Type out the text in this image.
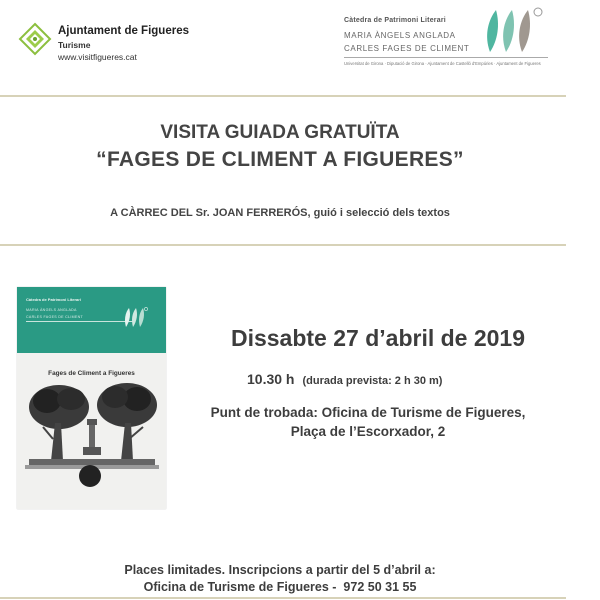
Ajuntament de Figueres
Turisme
www.visitfigueres.cat
Càtedra de Patrimoni Literari
MARIA ÀNGELS ANGLADA
CARLES FAGES DE CLIMENT
Universitat de Girona · Diputació de Girona · Ajuntament de Castelló d'Empúries · Ajuntament de Figueres
VISITA GUIADA GRATUÏTA
“FAGES DE CLIMENT A FIGUERES”
A CÀRREC DEL Sr. JOAN FERRERÓS, guió i selecció dels textos
Càtedra de Patrimoni Literari
MARIA ÀNGELS ANGLADA
CARLES FAGES DE CLIMENT
Fages de Climent a Figueres
Dissabte 27 d’abril de 2019
10.30 h (durada prevista: 2 h 30 m)
Punt de trobada: Oficina de Turisme de Figueres,
Plaça de l’Escorxador, 2
Places limitades. Inscripcions a partir del 5 d’abril a:
Oficina de Turisme de Figueres -  972 50 31 55
